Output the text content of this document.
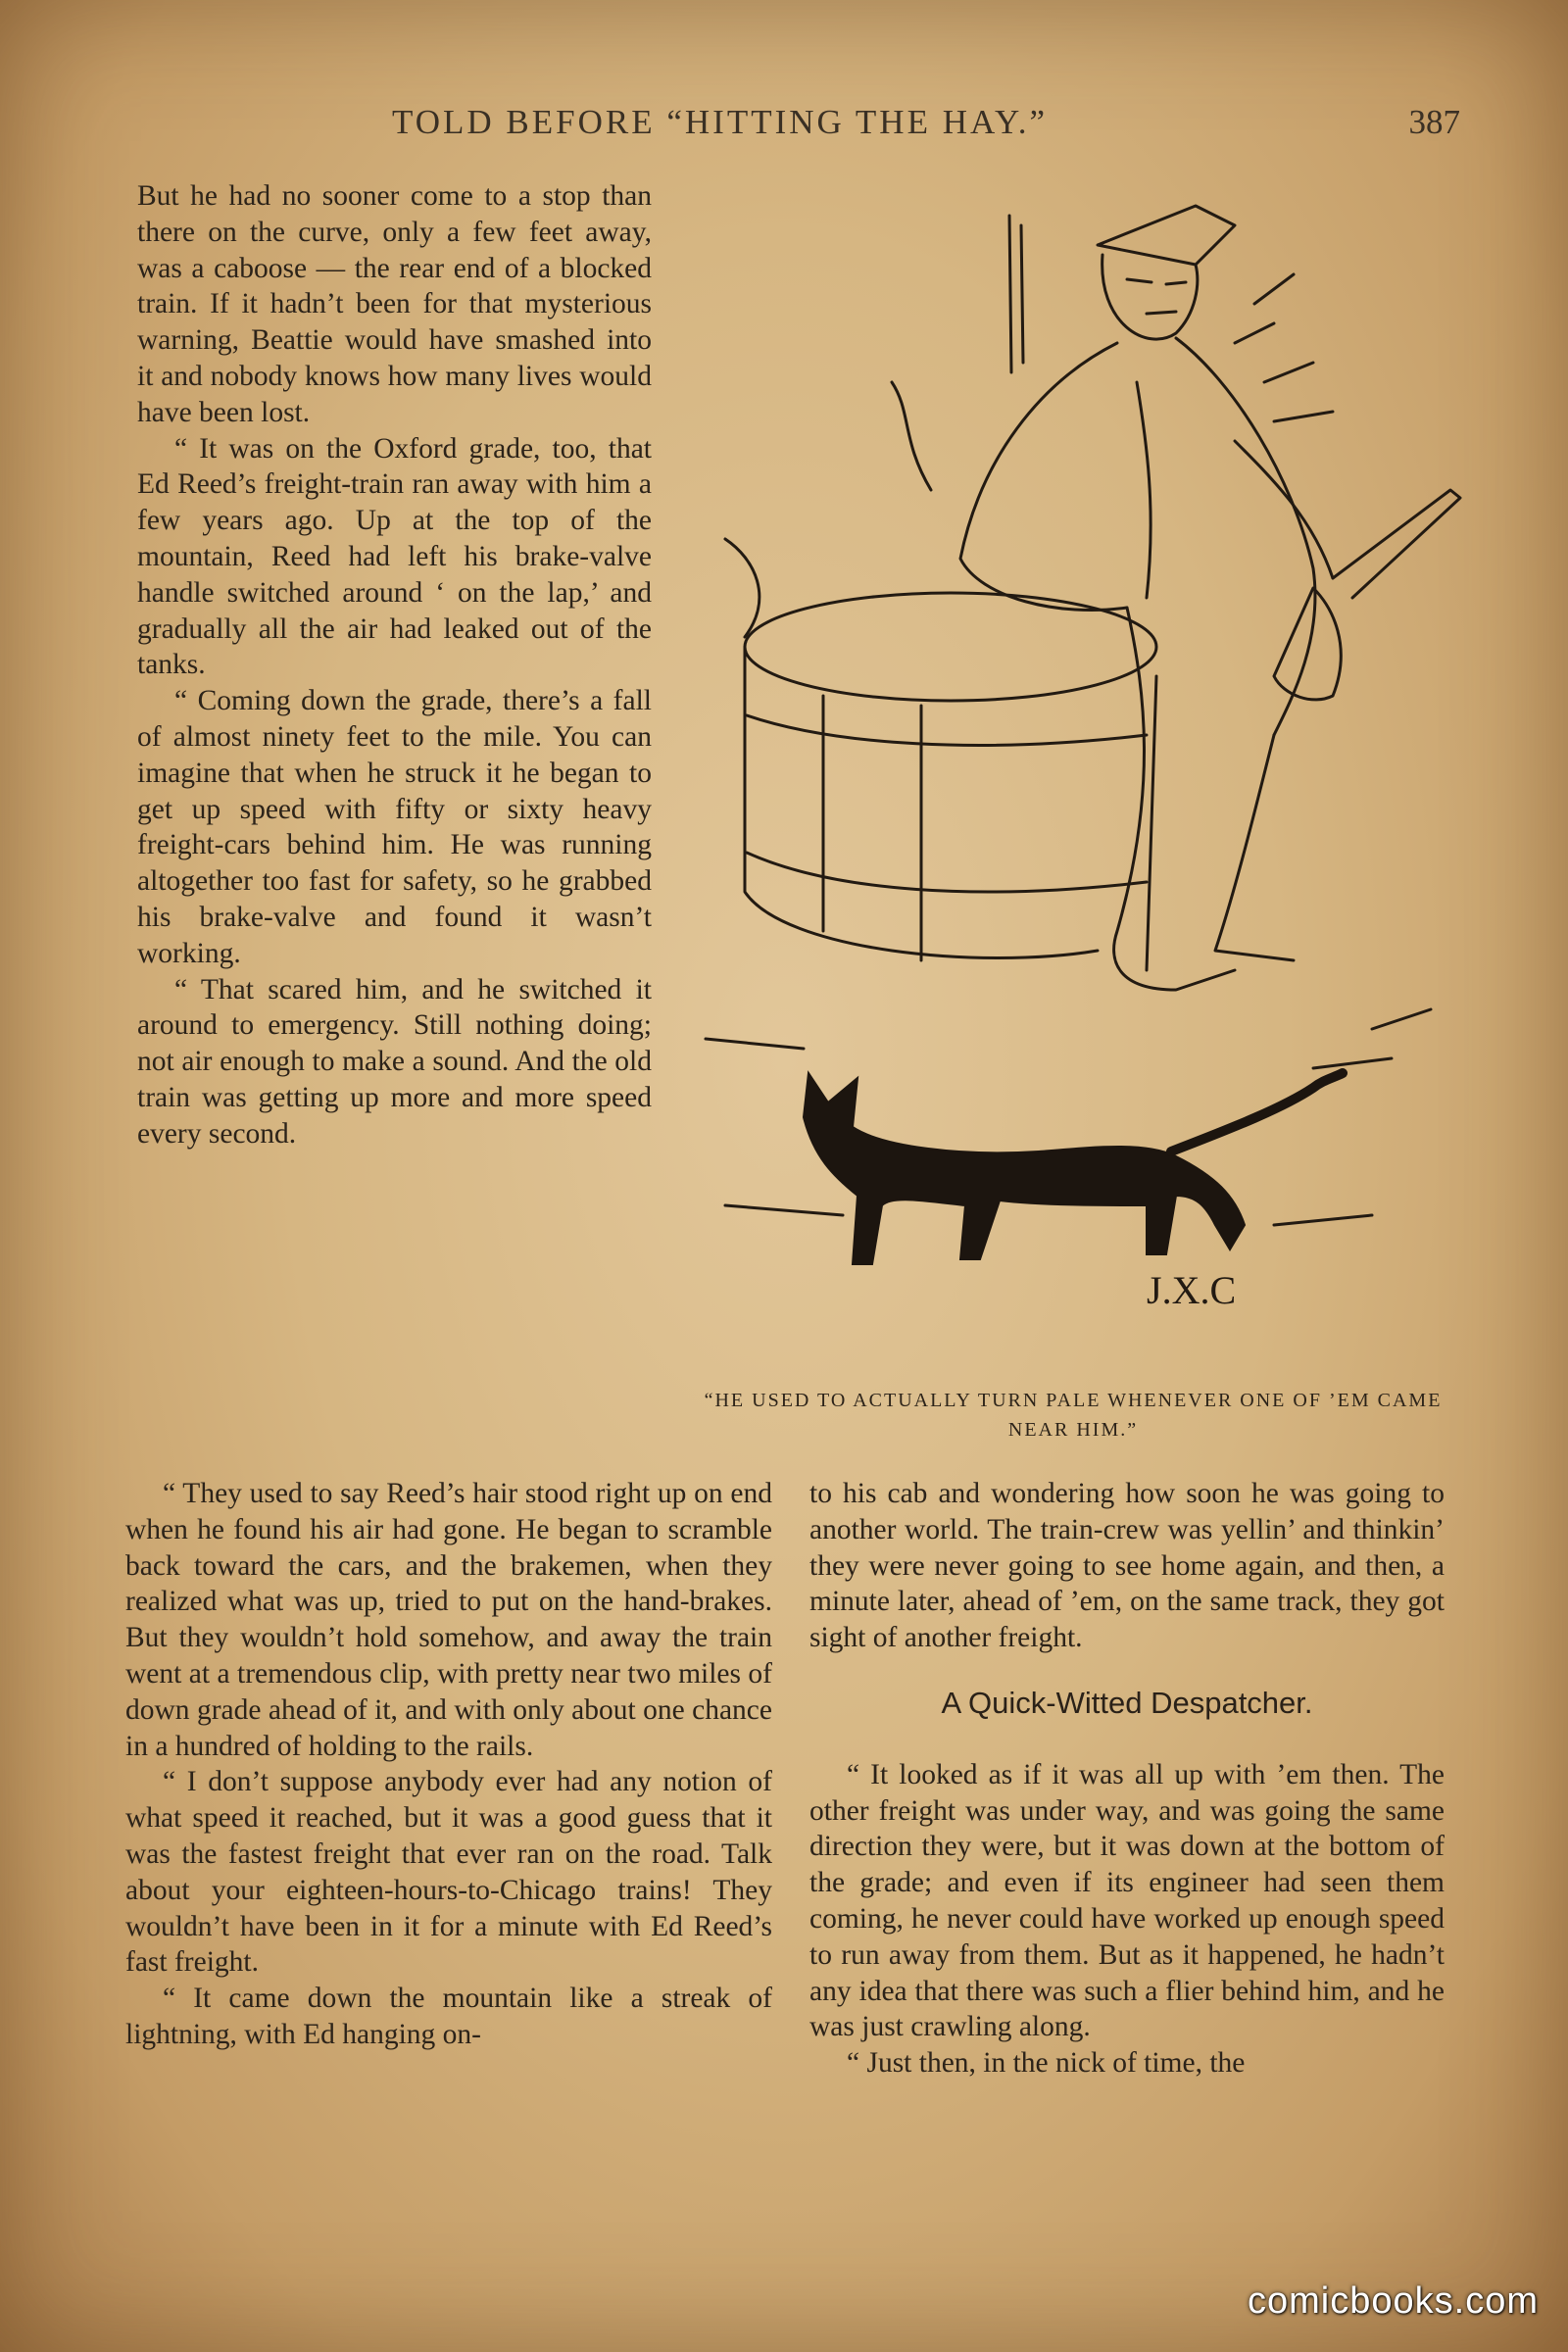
TOLD BEFORE “HITTING THE HAY.”	387

But he had no sooner come to a stop than there on the curve, only a few feet away, was a caboose — the rear end of a blocked train. If it hadn’t been for that mysterious warning, Beattie would have smashed into it and nobody knows how many lives would have been lost.

“ It was on the Oxford grade, too, that Ed Reed’s freight-train ran away with him a few years ago. Up at the top of the mountain, Reed had left his brake-valve handle switched around ‘ on the lap,’ and gradually all the air had leaked out of the tanks.

“ Coming down the grade, there’s a fall of almost ninety feet to the mile. You can imagine that when he struck it he began to get up speed with fifty or sixty heavy freight-cars behind him. He was running altogether too fast for safety, so he grabbed his brake-valve and found it wasn’t working.

“ That scared him, and he switched it around to emergency. Still nothing doing; not air enough to make a sound. And the old train was getting up more and more speed every second.

J.X.C
“HE USED TO ACTUALLY TURN PALE WHENEVER ONE OF ’EM CAME NEAR HIM.”

“ They used to say Reed’s hair stood right up on end when he found his air had gone. He began to scramble back toward the cars, and the brakemen, when they realized what was up, tried to put on the hand-brakes. But they wouldn’t hold somehow, and away the train went at a tremendous clip, with pretty near two miles of down grade ahead of it, and with only about one chance in a hundred of holding to the rails.

“ I don’t suppose anybody ever had any notion of what speed it reached, but it was a good guess that it was the fastest freight that ever ran on the road. Talk about your eighteen-hours-to-Chicago trains! They wouldn’t have been in it for a minute with Ed Reed’s fast freight.

“ It came down the mountain like a streak of lightning, with Ed hanging on-

to his cab and wondering how soon he was going to another world. The train-crew was yellin’ and thinkin’ they were never going to see home again, and then, a minute later, ahead of ’em, on the same track, they got sight of another freight.

A Quick-Witted Despatcher.

“ It looked as if it was all up with ’em then. The other freight was under way, and was going the same direction they were, but it was down at the bottom of the grade; and even if its engineer had seen them coming, he never could have worked up enough speed to run away from them. But as it happened, he hadn’t any idea that there was such a flier behind him, and he was just crawling along.

“ Just then, in the nick of time, the

comicbooks.com
